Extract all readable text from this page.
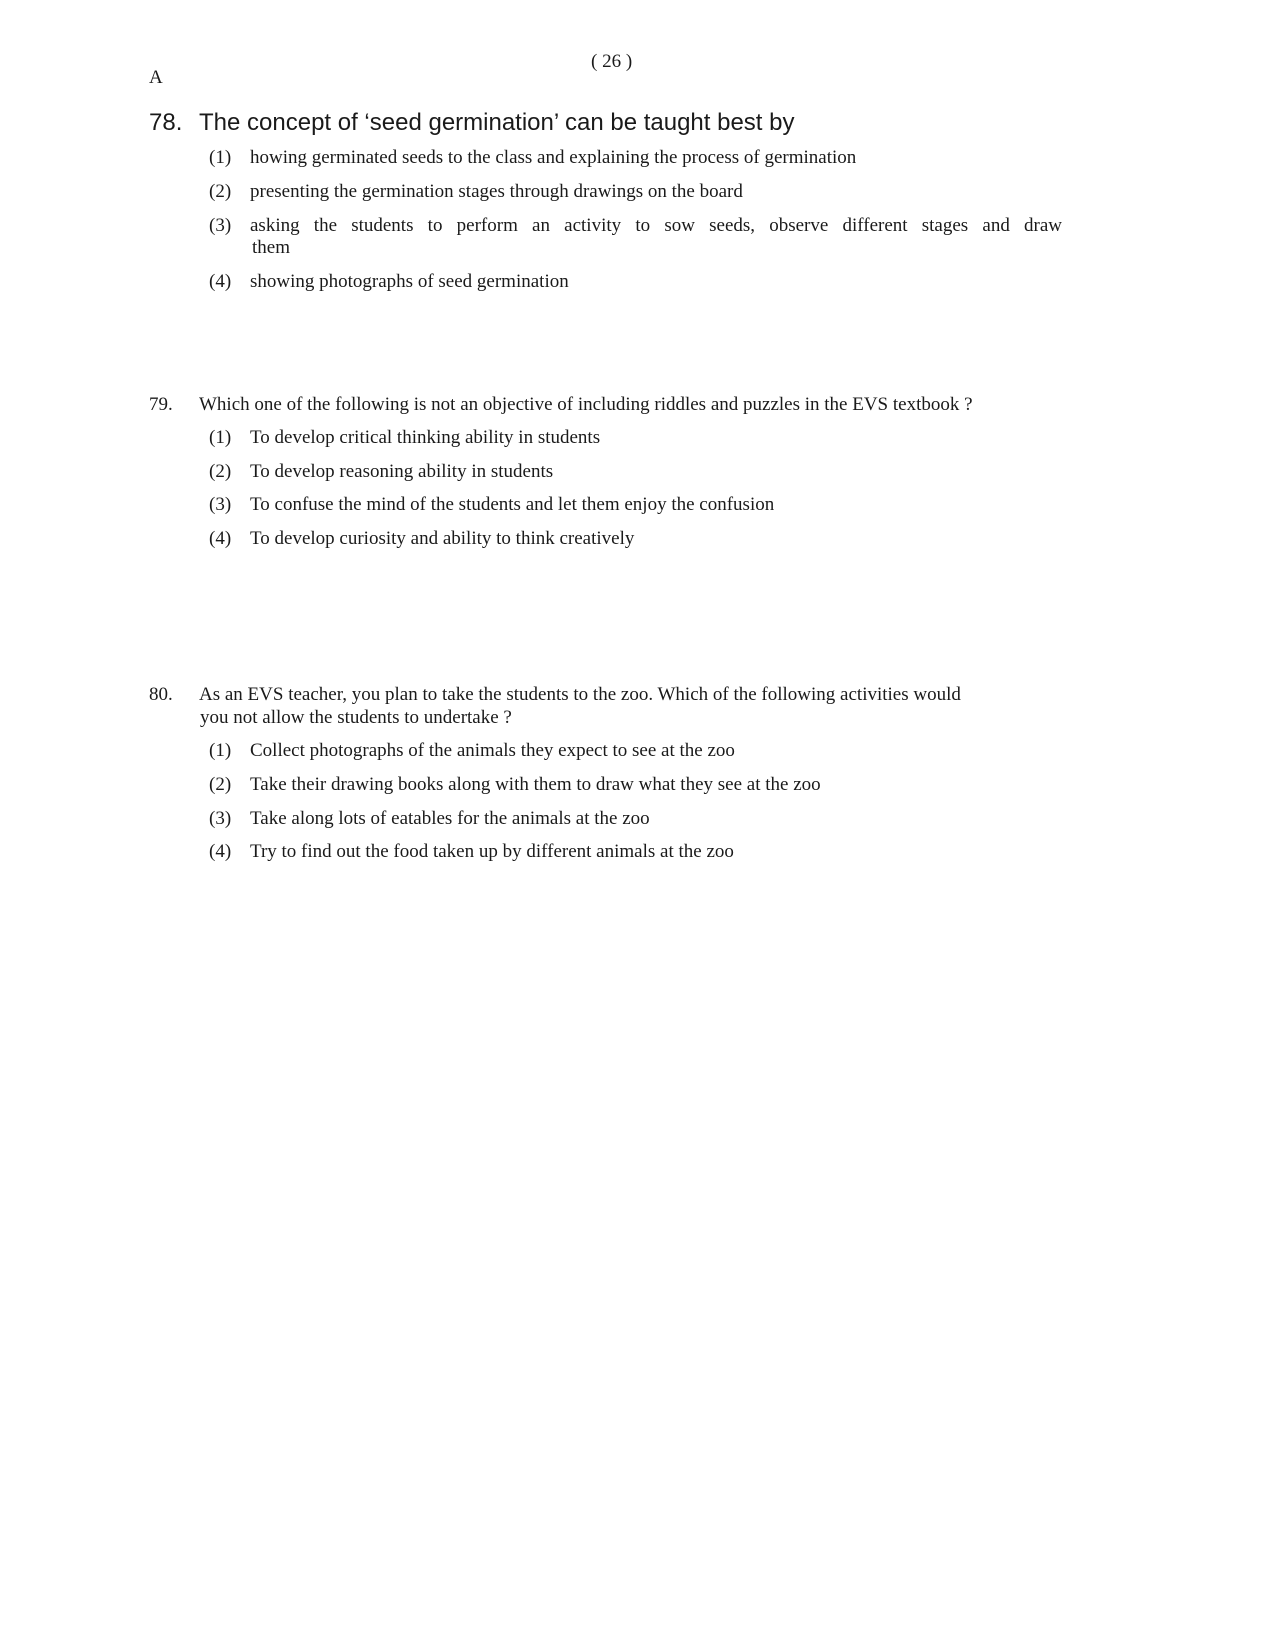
( 26 )
A
78. The concept of ‘seed germination’ can be taught best by
(1) howing germinated seeds to the class and explaining the process of germination
(2) presenting the germination stages through drawings on the board
(3) asking the students to perform an activity to sow seeds, observe different stages and draw
them
(4) showing photographs of seed germination
79. Which one of the following is not an objective of including riddles and puzzles in the EVS textbook ?
(1) To develop critical thinking ability in students
(2) To develop reasoning ability in students
(3) To confuse the mind of the students and let them enjoy the confusion
(4) To develop curiosity and ability to think creatively
80. As an EVS teacher, you plan to take the students to the zoo. Which of the following activities would
you not allow the students to undertake ?
(1) Collect photographs of the animals they expect to see at the zoo
(2) Take their drawing books along with them to draw what they see at the zoo
(3) Take along lots of eatables for the animals at the zoo
(4) Try to find out the food taken up by different animals at the zoo
